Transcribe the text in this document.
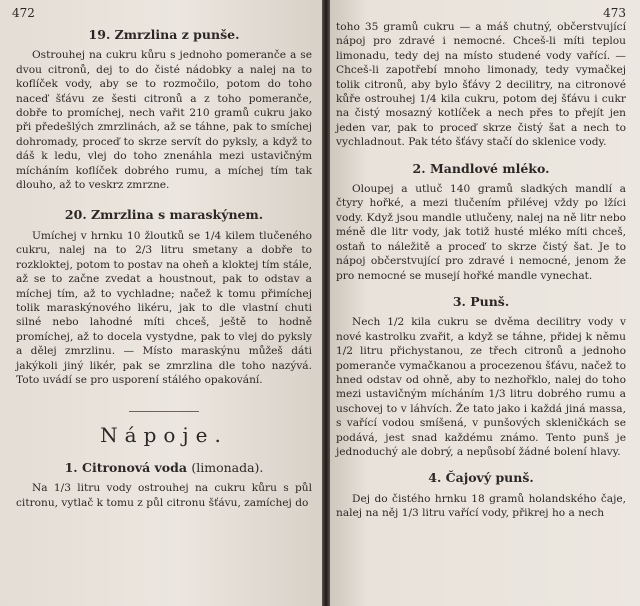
472
19. Zmrzlina z punše.

Ostrouhej na cukru kůru s jednoho pomeranče a se dvou citronů, dej to do čisté nádobky a nalej na to koflíček vody, aby se to rozmočilo, potom do toho naceď šťávu ze šesti citronů a z toho pomeranče, dobře to promíchej, nech vařit 210 gramů cukru jako při předešlých zmrzlinách, až se táhne, pak to smíchej dohromady, proceď to skrze servít do pyksly, a když to dáš k ledu, vlej do toho znenáhla mezi ustavičným mícháním koflíček dobrého rumu, a míchej tím tak dlouho, až to veskrz zmrzne.

20. Zmrzlina s maraskýnem.

Umíchej v hrnku 10 žloutků se 1/4 kilem tlučeného cukru, nalej na to 2/3 litru smetany a dobře to rozkloktej, potom to postav na oheň a kloktej tím stále, až se to začne zvedat a houstnout, pak to odstav a míchej tím, až to vychladne; načež k tomu přimíchej tolik maraskýnového likéru, jak to dle vlastní chuti silné nebo lahodné míti chceš, ještě to hodně promíchej, až to docela vystydne, pak to vlej do pyksly a dělej zmrzlinu. — Místo maraskýnu můžeš dáti jakýkoli jiný likér, pak se zmrzlina dle toho nazývá. Toto uvádí se pro usporení stálého opakování.

Nápoje.
1. Citronová voda (limonada).

Na 1/3 litru vody ostrouhej na cukru kůru s půl citronu, vytlač k tomu z půl citronu šťávu, zamíchej do

473

toho 35 gramů cukru — a máš chutný, občerstvující nápoj pro zdravé i nemocné. Chceš-li míti teplou limonadu, tedy dej na místo studené vody vařící. — Chceš-li zapotřebí mnoho limonady, tedy vymačkej tolik citronů, aby bylo šťávy 2 decilitry, na citronové kůře ostrouhej 1/4 kila cukru, potom dej šťávu i cukr na čistý mosazný kotlíček a nech přes to přejít jen jeden var, pak to proceď skrze čistý šat a nech to vychladnout. Pak této šťávy stačí do sklenice vody.

2. Mandlové mléko.

Oloupej a utluč 140 gramů sladkých mandlí a čtyry hořké, a mezi tlučením přilévej vždy po lžíci vody. Když jsou mandle utlučeny, nalej na ně litr nebo méně dle litr vody, jak totiž husté mléko míti chceš, ostaň to náležitě a proceď to skrze čistý šat. Je to nápoj občerstvující pro zdravé i nemocné, jenom že pro nemocné se musejí hořké mandle vynechat.

3. Punš.

Nech 1/2 kila cukru se dvěma decilitry vody v nové kastrolku zvařit, a když se táhne, přidej k němu 1/2 litru přichystanou, ze třech citronů a jednoho pomeranče vymačkanou a procezenou šťávu, načež to hned odstav od ohně, aby to nezhořklo, nalej do toho mezi ustavičným mícháním 1/3 litru dobrého rumu a uschovej to v láhvích. Že tato jako i každá jiná massa, s vařící vodou smíšená, v punšových skleničkách se podává, jest snad každému známo. Tento punš je jednoduchý ale dobrý, a nepůsobí žádné bolení hlavy.

4. Čajový punš.

Dej do čistého hrnku 18 gramů holandského čaje, nalej na něj 1/3 litru vařící vody, přikrej ho a nech
